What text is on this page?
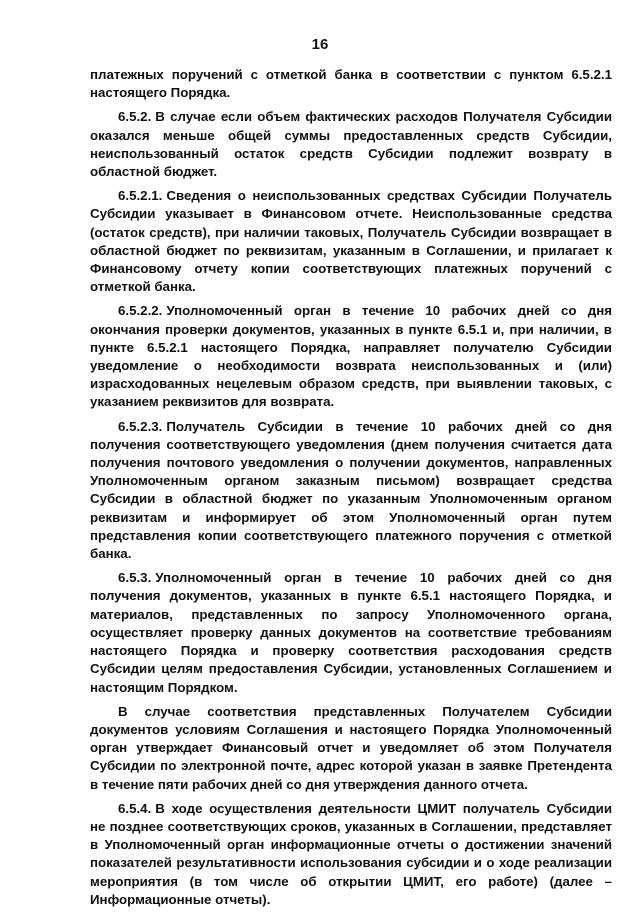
16

платежных поручений с отметкой банка в соответствии с пунктом 6.5.2.1 настоящего Порядка.

6.5.2. В случае если объем фактических расходов Получателя Субсидии оказался меньше общей суммы предоставленных средств Субсидии, неиспользованный остаток средств Субсидии подлежит возврату в областной бюджет.

6.5.2.1. Сведения о неиспользованных средствах Субсидии Получатель Субсидии указывает в Финансовом отчете. Неиспользованные средства (остаток средств), при наличии таковых, Получатель Субсидии возвращает в областной бюджет по реквизитам, указанным в Соглашении, и прилагает к Финансовому отчету копии соответствующих платежных поручений с отметкой банка.

6.5.2.2. Уполномоченный орган в течение 10 рабочих дней со дня окончания проверки документов, указанных в пункте 6.5.1 и, при наличии, в пункте 6.5.2.1 настоящего Порядка, направляет получателю Субсидии уведомление о необходимости возврата неиспользованных и (или) израсходованных нецелевым образом средств, при выявлении таковых, с указанием реквизитов для возврата.

6.5.2.3. Получатель Субсидии в течение 10 рабочих дней со дня получения соответствующего уведомления (днем получения считается дата получения почтового уведомления о получении документов, направленных Уполномоченным органом заказным письмом) возвращает средства Субсидии в областной бюджет по указанным Уполномоченным органом реквизитам и информирует об этом Уполномоченный орган путем представления копии соответствующего платежного поручения с отметкой банка.

6.5.3. Уполномоченный орган в течение 10 рабочих дней со дня получения документов, указанных в пункте 6.5.1 настоящего Порядка, и материалов, представленных по запросу Уполномоченного органа, осуществляет проверку данных документов на соответствие требованиям настоящего Порядка и проверку соответствия расходования средств Субсидии целям предоставления Субсидии, установленных Соглашением и настоящим Порядком.

В случае соответствия представленных Получателем Субсидии документов условиям Соглашения и настоящего Порядка Уполномоченный орган утверждает Финансовый отчет и уведомляет об этом Получателя Субсидии по электронной почте, адрес которой указан в заявке Претендента в течение пяти рабочих дней со дня утверждения данного отчета.

6.5.4. В ходе осуществления деятельности ЦМИТ получатель Субсидии не позднее соответствующих сроков, указанных в Соглашении, представляет в Уполномоченный орган информационные отчеты о достижении значений показателей результативности использования субсидии и о ходе реализации мероприятия (в том числе об открытии ЦМИТ, его работе) (далее – Информационные отчеты).
